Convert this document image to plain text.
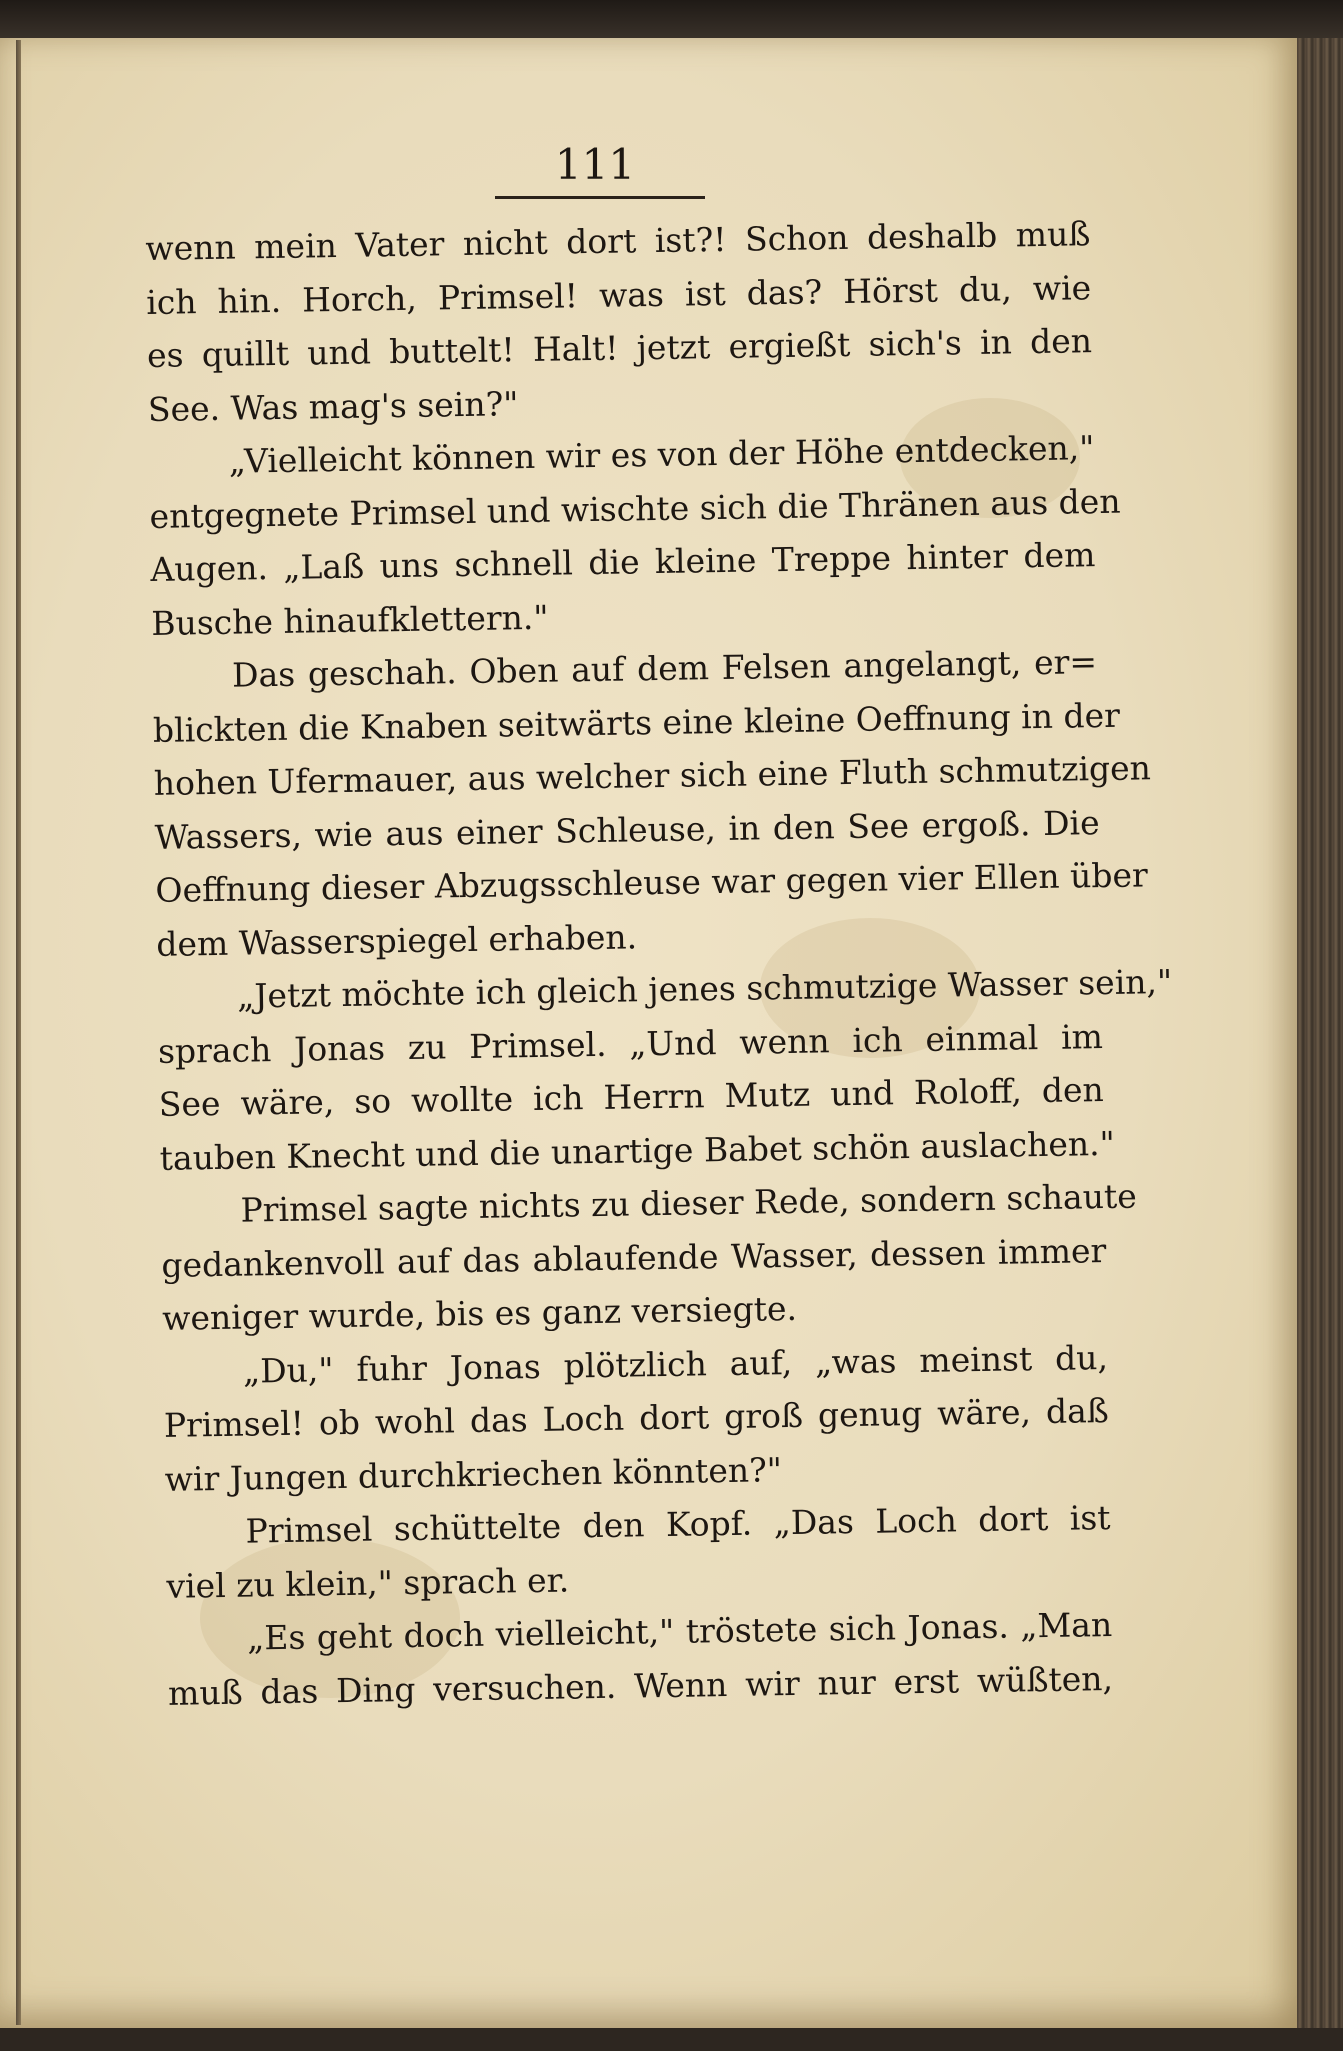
111
wenn mein Vater nicht dort ist?! Schon deshalb muß
ich hin. Horch, Primsel! was ist das? Hörst du, wie
es quillt und buttelt! Halt! jetzt ergießt sich's in den
See. Was mag's sein?"
„Vielleicht können wir es von der Höhe entdecken,"
entgegnete Primsel und wischte sich die Thränen aus den
Augen. „Laß uns schnell die kleine Treppe hinter dem
Busche hinaufklettern."
Das geschah. Oben auf dem Felsen angelangt, er=
blickten die Knaben seitwärts eine kleine Oeffnung in der
hohen Ufermauer, aus welcher sich eine Fluth schmutzigen
Wassers, wie aus einer Schleuse, in den See ergoß. Die
Oeffnung dieser Abzugsschleuse war gegen vier Ellen über
dem Wasserspiegel erhaben.
„Jetzt möchte ich gleich jenes schmutzige Wasser sein,"
sprach Jonas zu Primsel. „Und wenn ich einmal im
See wäre, so wollte ich Herrn Mutz und Roloff, den
tauben Knecht und die unartige Babet schön auslachen."
Primsel sagte nichts zu dieser Rede, sondern schaute
gedankenvoll auf das ablaufende Wasser, dessen immer
weniger wurde, bis es ganz versiegte.
„Du," fuhr Jonas plötzlich auf, „was meinst du,
Primsel! ob wohl das Loch dort groß genug wäre, daß
wir Jungen durchkriechen könnten?"
Primsel schüttelte den Kopf. „Das Loch dort ist
viel zu klein," sprach er.
„Es geht doch vielleicht," tröstete sich Jonas. „Man
muß das Ding versuchen. Wenn wir nur erst wüßten,
